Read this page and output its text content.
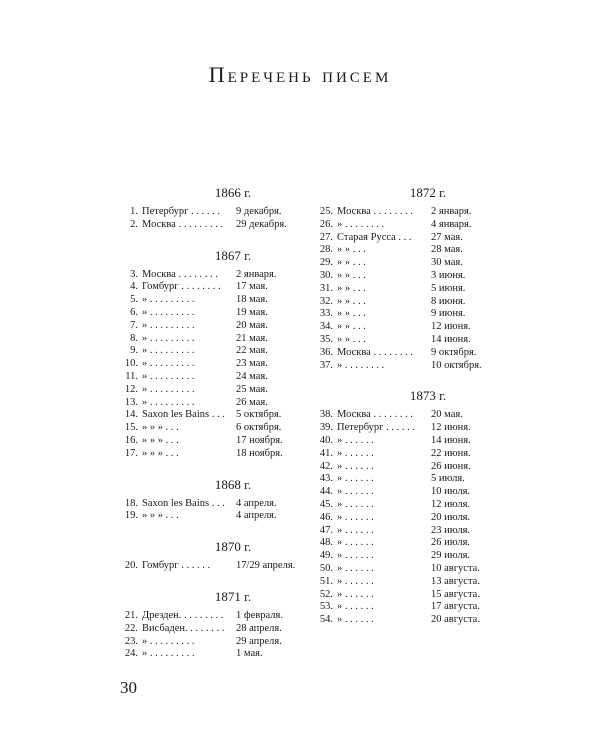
Перечень писем
1866 г.
1. Петербург . . . . . . 9 декабря.
2. Москва . . . . . . . . . 29 декабря.
1867 г.
3. Москва . . . . . . . . 2 января.
4. Гомбург . . . . . . . . 17 мая.
5. » . . . . . . . . .	18 мая.
6. » . . . . . . . . .	19 мая.
7. » . . . . . . . . .	20 мая.
8. » . . . . . . . . .	21 мая.
9. » . . . . . . . . .	22 мая.
10. » . . . . . . . . .	23 мая.
11. » . . . . . . . . .	24 мая.
12. » . . . . . . . . .	25 мая.
13. » . . . . . . . . .	26 мая.
14. Saxon les Bains . . . 5 октября.
15. » » » . . .	6 октября.
16. » » » . . .	17 ноября.
17. » » » . . .	18 ноября.
1868 г.
18. Saxon les Bains . . . 4 апреля.
19. » » » . . .	4 апреля.
1870 г.
20. Гомбург . . . . . . 17/29 апреля.
1871 г.
21. Дрезден. . . . . . . . . 1 февраля.
22. Висбаден. . . . . . . . 28 апреля.
23. » . . . . . . . . .	29 апреля.
24. » . . . . . . . . .	1 мая.
1872 г.
25. Москва . . . . . . . . 2 января.
26. » . . . . . . . .	4 января.
27. Старая Русса . . . 27 мая.
28. » » . . .	28 мая.
29. » » . . .	30 мая.
30. » » . . .	3 июня.
31. » » . . .	5 июня.
32. » » . . .	8 июня.
33. » » . . .	9 июня.
34. » » . . .	12 июня.
35. » » . . .	14 июня.
36. Москва . . . . . . . . 9 октября.
37. » . . . . . . . .	10 октября.
1873 г.
38. Москва . . . . . . . . 20 мая.
39. Петербург . . . . . . 12 июня.
40. » . . . . . .	14 июня.
41. » . . . . . .	22 июня.
42. » . . . . . .	26 июня.
43. » . . . . . .	5 июля.
44. » . . . . . .	10 июля.
45. » . . . . . .	12 июля.
46. » . . . . . .	20 июля.
47. » . . . . . .	23 июля.
48. » . . . . . .	26 июля.
49. » . . . . . .	29 июля.
50. » . . . . . .	10 августа.
51. » . . . . . .	13 августа.
52. » . . . . . .	15 августа.
53. » . . . . . .	17 августа.
54. » . . . . . .	20 августа.
30
